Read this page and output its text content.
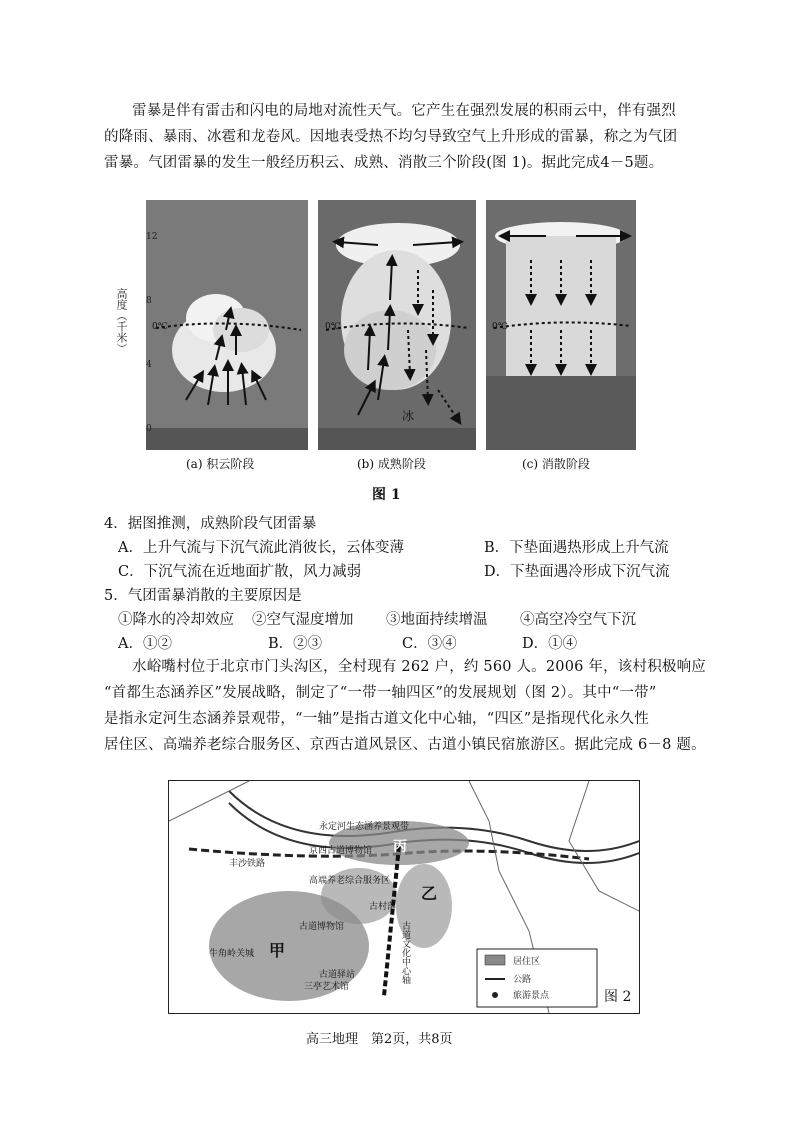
雷暴是伴有雷击和闪电的局地对流性天气。它产生在强烈发展的积雨云中，伴有强烈
的降雨、暴雨、冰雹和龙卷风。因地表受热不均匀导致空气上升形成的雷暴，称之为气团
雷暴。气团雷暴的发生一般经历积云、成熟、消散三个阶段(图 1)。据此完成4－5题。
高度（千米）
12
8
4
0
0℃
冰
0℃	0℃
(a) 积云阶段	(b) 成熟阶段	(c) 消散阶段
图 1
4．据图推测，成熟阶段气团雷暴
A．上升气流与下沉气流此消彼长，云体变薄	B．下垫面遇热形成上升气流
C．下沉气流在近地面扩散，风力减弱	D．下垫面遇冷形成下沉气流
5．气团雷暴消散的主要原因是
①降水的冷却效应 ②空气湿度增加 ③地面持续增温 ④高空冷空气下沉
A．①②	B．②③	C．③④	D．①④
水峪嘴村位于北京市门头沟区，全村现有 262 户，约 560 人。2006 年，该村积极响应
“首都生态涵养区”发展战略，制定了“一带一轴四区”的发展规划（图 2）。其中“一带”
是指永定河生态涵养景观带，“一轴”是指古道文化中心轴，“四区”是指现代化永久性
居住区、高端养老综合服务区、京西古道风景区、古道小镇民宿旅游区。据此完成 6－8 题。
永定河生态涵养景观带
京西古道博物馆
丰沙铁路
高端养老综合服务区
古村落
古道博物馆
牛角岭关城
三亭艺术馆
古道驿站	古道文化中心轴
甲
乙
丙
居住区
公路
旅游景点	图 2
高三地理　第2页，共8页
